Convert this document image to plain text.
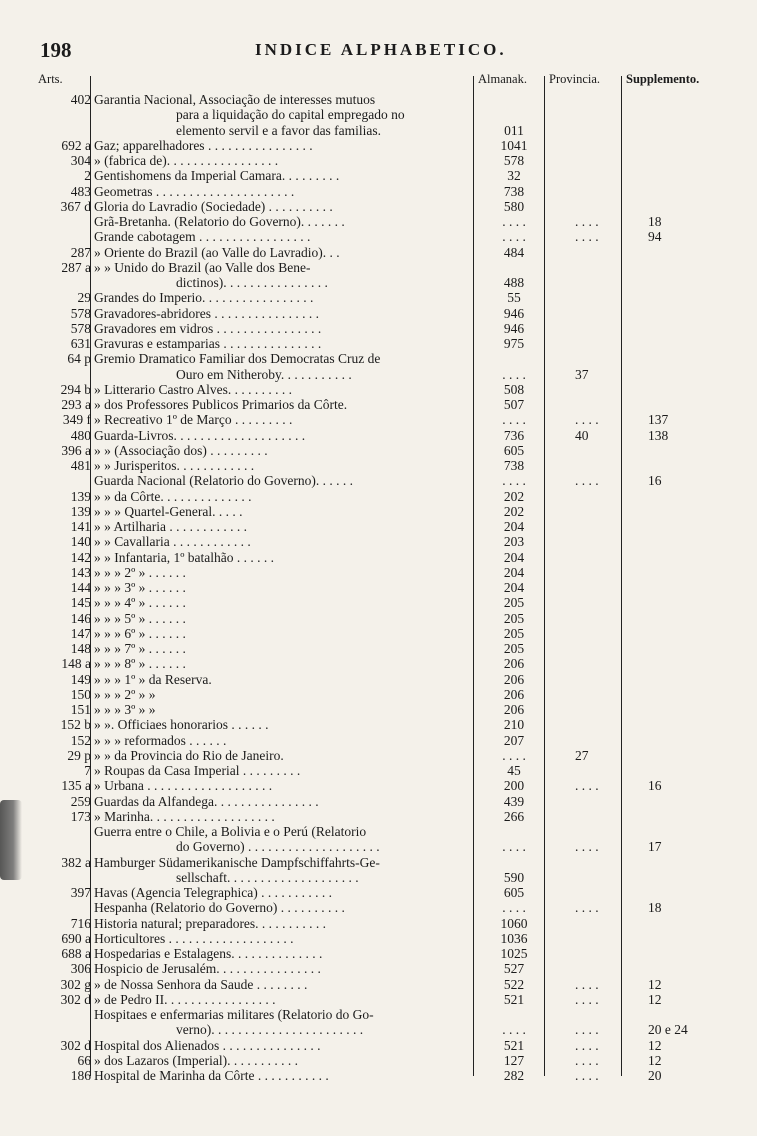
198	INDICE ALPHABETICO.
Arts.	Almanak. Provincia. Supplemento.
402 Garantia Nacional, Associação de interesses mutuos
para a liquidação do capital empregado no
elemento servil e a favor das familias.	011
692 a Gaz; apparelhadores . . . . . . . . . . . . . . . .	1041
304 » (fabrica de). . . . . . . . . . . . . . . . .	578
2 Gentishomens da Imperial Camara. . . . . . . . .	32
483 Geometras . . . . . . . . . . . . . . . . . . . . .	738
367 d Gloria do Lavradio (Sociedade) . . . . . . . . . .	580
Grã-Bretanha. (Relatorio do Governo). . . . . . .	. . . .	. . . .	18
Grande cabotagem . . . . . . . . . . . . . . . . .	. . . .	. . . .	94
287 » Oriente do Brazil (ao Valle do Lavradio). . .	484
287 a » » Unido do Brazil (ao Valle dos Bene-
dictinos). . . . . . . . . . . . . . . .	488
29 Grandes do Imperio. . . . . . . . . . . . . . . . .	55
578 Gravadores-abridores . . . . . . . . . . . . . . . .	946
578 Gravadores em vidros . . . . . . . . . . . . . . . .	946
631 Gravuras e estamparias . . . . . . . . . . . . . . .	975
64 p Gremio Dramatico Familiar dos Democratas Cruz de
Ouro em Nitheroby. . . . . . . . . . .	. . . .	37
294 b » Litterario Castro Alves. . . . . . . . . .	508
293 a » dos Professores Publicos Primarios da Côrte.	507
349 f » Recreativo 1º de Março . . . . . . . . .	. . . .	. . . .	137
480 Guarda-Livros. . . . . . . . . . . . . . . . . . . .	736	40	138
396 a » » (Associação dos) . . . . . . . . .	605
481 » » Jurisperitos. . . . . . . . . . . .	738
Guarda Nacional (Relatorio do Governo). . . . . .	. . . .	. . . .	16
139 » » da Côrte. . . . . . . . . . . . . .	202
139 » » » Quartel-General. . . . .	202
141 » » Artilharia . . . . . . . . . . . .	204
140 » » Cavallaria . . . . . . . . . . . .	203
142 » » Infantaria, 1º batalhão . . . . . .	204
143 » » » 2º » . . . . . .	204
144 » » » 3º » . . . . . .	204
145 » » » 4º » . . . . . .	205
146 » » » 5º » . . . . . .	205
147 » » » 6º » . . . . . .	205
148 » » » 7º » . . . . . .	205
148 a » » » 8º » . . . . . .	206
149 » » » 1º » da Reserva.	206
150 » » » 2º » »	206
151 » » » 3º » »	206
152 b » ». Officiaes honorarios . . . . . .	210
152 » » » reformados . . . . . .	207
29 p » » da Provincia do Rio de Janeiro.	. . . .	27
7 » Roupas da Casa Imperial . . . . . . . . .	45
135 a » Urbana . . . . . . . . . . . . . . . . . . .	200	. . . .	16
259 Guardas da Alfandega. . . . . . . . . . . . . . . .	439
173 » Marinha. . . . . . . . . . . . . . . . . . .	266
Guerra entre o Chile, a Bolivia e o Perú (Relatorio
do Governo) . . . . . . . . . . . . . . . . . . . .	. . . .	. . . .	17
382 a Hamburger Südamerikanische Dampfschiffahrts-Ge-
sellschaft. . . . . . . . . . . . . . . . . . . .	590
397 Havas (Agencia Telegraphica) . . . . . . . . . . .	605
Hespanha (Relatorio do Governo) . . . . . . . . . .	. . . .	. . . .	18
716 Historia natural; preparadores. . . . . . . . . . .	1060
690 a Horticultores . . . . . . . . . . . . . . . . . . .	1036
688 a Hospedarias e Estalagens. . . . . . . . . . . . . .	1025
306 Hospicio de Jerusalém. . . . . . . . . . . . . . . .	527
302 g » de Nossa Senhora da Saude . . . . . . . .	522	. . . .	12
302 d » de Pedro II. . . . . . . . . . . . . . . . .	521	. . . .	12
Hospitaes e enfermarias militares (Relatorio do Go-
verno). . . . . . . . . . . . . . . . . . . . . . .	. . . .	. . . .	20 e 24
302 d Hospital dos Alienados . . . . . . . . . . . . . . .	521	. . . .	12
66 » dos Lazaros (Imperial). . . . . . . . . . .	127	. . . .	12
186 Hospital de Marinha da Côrte . . . . . . . . . . .	282	. . . .	20
